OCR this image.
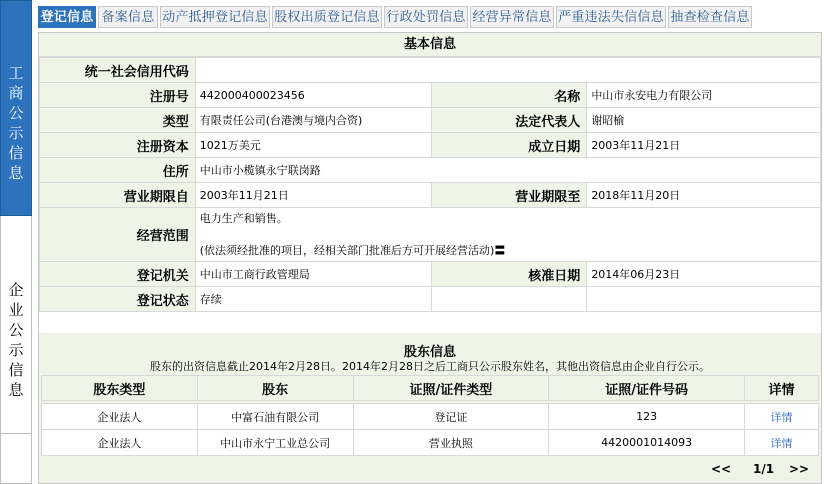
工
商
公
示
信
息
企
业
公
示
信
息
登记信息 备案信息 动产抵押登记信息 股权出质登记信息 行政处罚信息 经营异常信息 严重违法失信信息 抽查检查信息
基本信息
统一社会信用代码			
注册号	442000400023456	名称	中山市永安电力有限公司
类型	有限责任公司(台港澳与境内合资)	法定代表人	谢昭榆
注册资本	1021万美元	成立日期	2003年11月21日
住所	中山市小榄镇永宁联岗路		
营业期限自	2003年11月21日	营业期限至	2018年11月20日
经营范围	电力生产和销售。
(依法须经批准的项目，经相关部门批准后方可开展经营活动)〓		

登记机关	中山市工商行政管理局	核准日期	2014年06月23日
登记状态	存续		
股东信息
股东的出资信息截止2014年2月28日。2014年2月28日之后工商只公示股东姓名，其他出资信息由企业自行公示。
股东类型	股东	证照/证件类型	证照/证件号码	详情

企业法人	中富石油有限公司	登记证	123	详情
企业法人	中山市永宁工业总公司	营业执照	4420001014093	详情
<< 1/1 >>
